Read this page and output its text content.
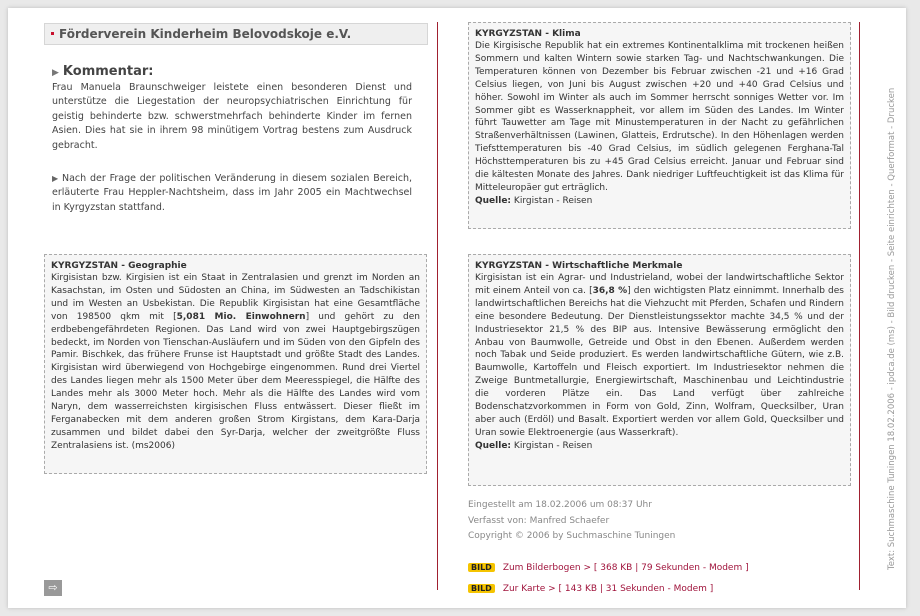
Förderverein Kinderheim Belovodskoje e.V.
▶ Kommentar:
Frau Manuela Braunschweiger leistete einen besonderen Dienst und unterstütze die Liegestation der neuropsychiatrischen Einrichtung für geistig behinderte bzw. schwerstmehrfach behinderte Kinder im fernen Asien. Dies hat sie in ihrem 98 minütigem Vortrag bestens zum Ausdruck gebracht.
▶ Nach der Frage der politischen Veränderung in diesem sozialen Bereich, erläuterte Frau Heppler-Nachtsheim, dass im Jahr 2005 ein Machtwechsel in Kyrgyzstan stattfand.
KYRGYZSTAN - Geographie
Kirgisistan bzw. Kirgisien ist ein Staat in Zentralasien und grenzt im Norden an Kasachstan, im Osten und Südosten an China, im Südwesten an Tadschikistan und im Westen an Usbekistan. Die Republik Kirgisistan hat eine Gesamtfläche von 198500 qkm mit [5,081 Mio. Einwohnern] und gehört zu den erdbebengefährdeten Regionen. Das Land wird von zwei Hauptgebirgszügen bedeckt, im Norden von Tienschan-Ausläufern und im Süden von den Gipfeln des Pamir. Bischkek, das frühere Frunse ist Hauptstadt und größte Stadt des Landes. Kirgisistan wird überwiegend von Hochgebirge eingenommen. Rund drei Viertel des Landes liegen mehr als 1500 Meter über dem Meeresspiegel, die Hälfte des Landes mehr als 3000 Meter hoch. Mehr als die Hälfte des Landes wird vom Naryn, dem wasserreichsten kirgisischen Fluss entwässert. Dieser fließt im Ferganabecken mit dem anderen großen Strom Kirgistans, dem Kara-Darja zusammen und bildet dabei den Syr-Darja, welcher der zweitgrößte Fluss Zentralasiens ist. (ms2006)
KYRGYZSTAN - Klima
Die Kirgisische Republik hat ein extremes Kontinentalklima mit trockenen heißen Sommern und kalten Wintern sowie starken Tag- und Nachtschwankungen. Die Temperaturen können von Dezember bis Februar zwischen -21 und +16 Grad Celsius liegen, von Juni bis August zwischen +20 und +40 Grad Celsius und höher. Sowohl im Winter als auch im Sommer herrscht sonniges Wetter vor. Im Sommer gibt es Wasserknappheit, vor allem im Süden des Landes. Im Winter führt Tauwetter am Tage mit Minustemperaturen in der Nacht zu gefährlichen Straßenverhältnissen (Lawinen, Glatteis, Erdrutsche). In den Höhenlagen werden Tiefsttemperaturen bis -40 Grad Celsius, im südlich gelegenen Ferghana-Tal Höchsttemperaturen bis zu +45 Grad Celsius erreicht. Januar und Februar sind die kältesten Monate des Jahres. Dank niedriger Luftfeuchtigkeit ist das Klima für Mitteleuropäer gut erträglich.
Quelle: Kirgistan - Reisen
KYRGYZSTAN - Wirtschaftliche Merkmale
Kirgisistan ist ein Agrar- und Industrieland, wobei der landwirtschaftliche Sektor mit einem Anteil von ca. [36,8 %] den wichtigsten Platz einnimmt. Innerhalb des landwirtschaftlichen Bereichs hat die Viehzucht mit Pferden, Schafen und Rindern eine besondere Bedeutung. Der Dienstleistungssektor machte 34,5 % und der Industriesektor 21,5 % des BIP aus. Intensive Bewässerung ermöglicht den Anbau von Baumwolle, Getreide und Obst in den Ebenen. Außerdem werden noch Tabak und Seide produziert. Es werden landwirtschaftliche Gütern, wie z.B. Baumwolle, Kartoffeln und Fleisch exportiert. Im Industriesektor nehmen die Zweige Buntmetallurgie, Energiewirtschaft, Maschinenbau und Leichtindustrie die vorderen Plätze ein. Das Land verfügt über zahlreiche Bodenschatzvorkommen in Form von Gold, Zinn, Wolfram, Quecksilber, Uran aber auch (Erdöl) und Basalt. Exportiert werden vor allem Gold, Quecksilber und Uran sowie Elektroenergie (aus Wasserkraft).
Quelle: Kirgistan - Reisen
Eingestellt am 18.02.2006 um 08:37 Uhr
Verfasst von: Manfred Schaefer
Copyright © 2006 by Suchmaschine Tuningen
BILD Zum Bilderbogen > [ 368 KB | 79 Sekunden - Modem ]
BILD Zur Karte > [ 143 KB | 31 Sekunden - Modem ]
⇨
Text: Suchmaschine Tuningen 18.02.2006 - ipdca.de (ms) - Bild drucken - Seite einrichten - Querformat - Drucken
